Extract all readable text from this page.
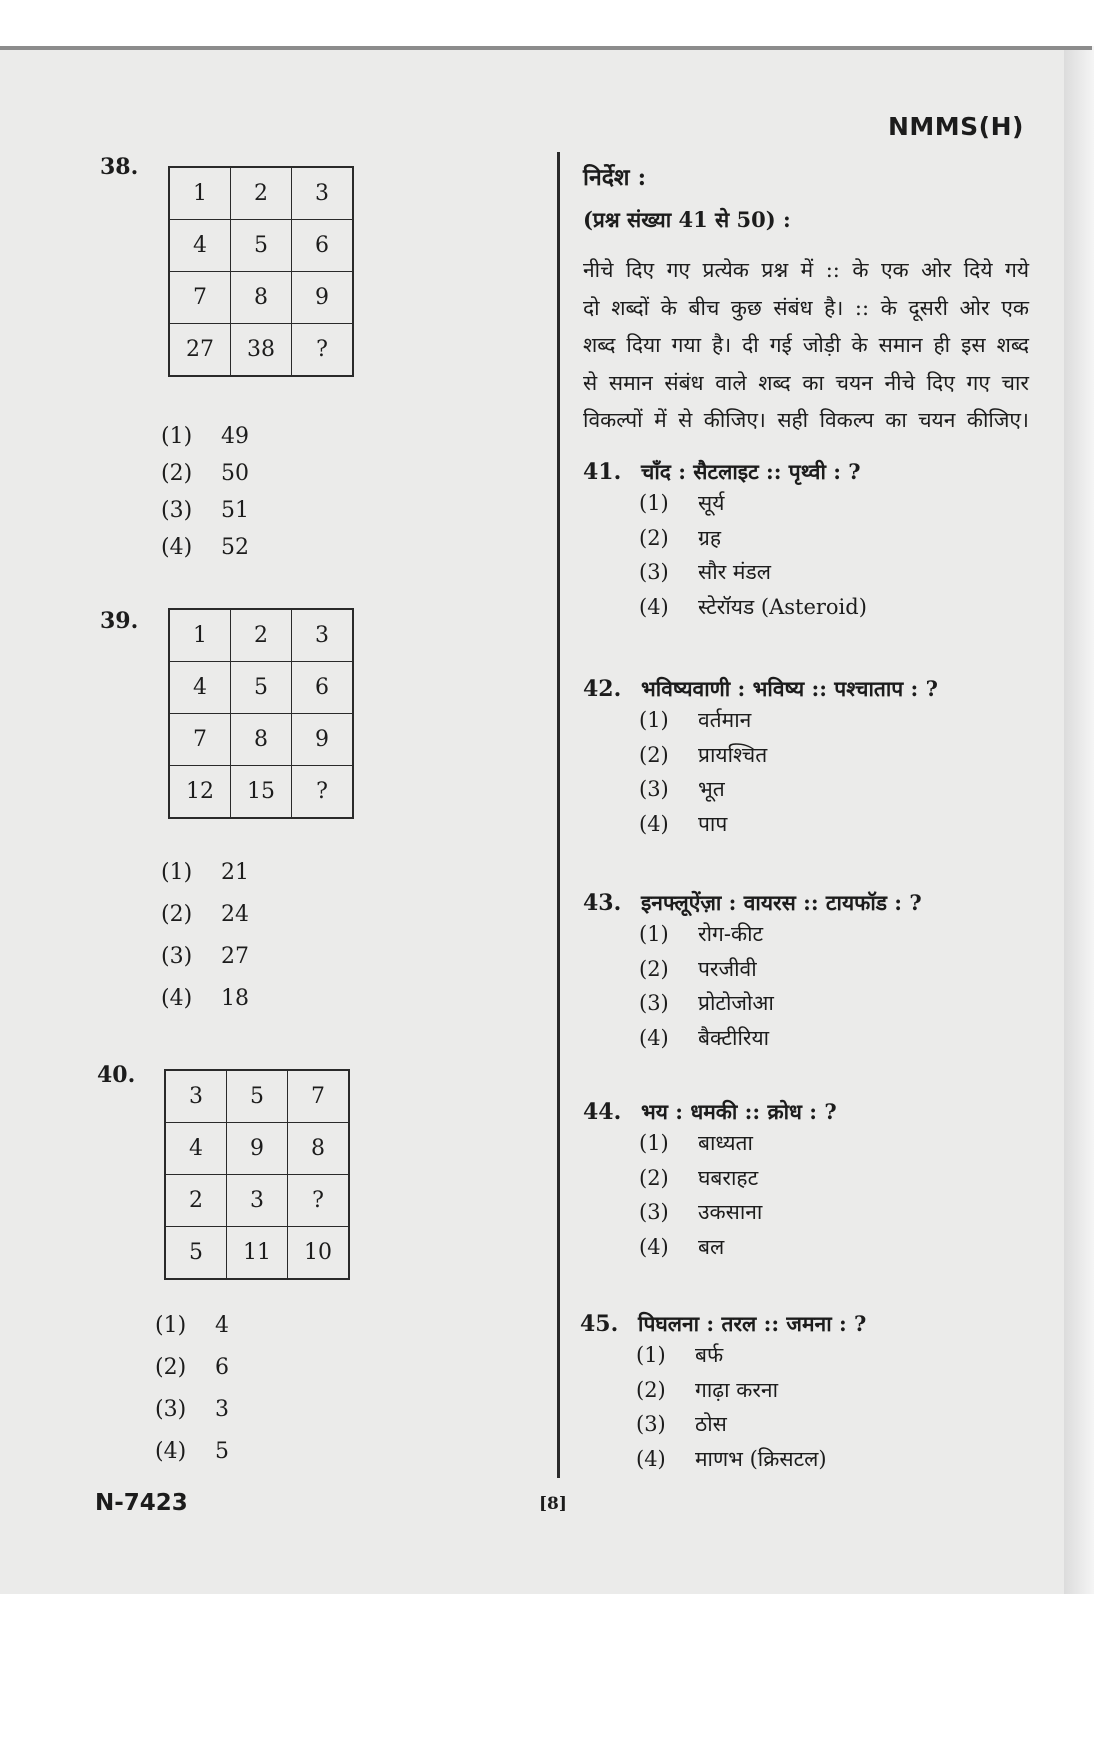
NMMS(H)
38.
1	2	3
4	5	6
7	8	9
27	38	?
(1)	49
(2)	50
(3)	51
(4)	52
39.
1	2	3
4	5	6
7	8	9
12	15	?
(1)	21
(2)	24
(3)	27
(4)	18
40.
3	5	7
4	9	8
2	3	?
5	11	10
(1)	4
(2)	6
(3)	3
(4)	5
निर्देश :
(प्रश्न संख्या 41 से 50) :
नीचे दिए गए प्रत्येक प्रश्न में :: के एक ओर दिये गये
दो शब्दों के बीच कुछ संबंध है। :: के दूसरी ओर एक
शब्द दिया गया है। दी गई जोड़ी के समान ही इस शब्द
से समान संबंध वाले शब्द का चयन नीचे दिए गए चार
विकल्पों में से कीजिए। सही विकल्प का चयन कीजिए।
41. चाँद : सैटलाइट :: पृथ्वी : ?
(1)	सूर्य
(2)	ग्रह
(3)	सौर मंडल
(4)	स्टेरॉयड (Asteroid)
42. भविष्यवाणी : भविष्य :: पश्चाताप : ?
(1)	वर्तमान
(2)	प्रायश्चित
(3)	भूत
(4)	पाप
43. इनफ्लूऐंज़ा : वायरस :: टायफॉड : ?
(1)	रोग-कीट
(2)	परजीवी
(3)	प्रोटोजोआ
(4)	बैक्टीरिया
44. भय : धमकी :: क्रोध : ?
(1)	बाध्यता
(2)	घबराहट
(3)	उकसाना
(4)	बल
45. पिघलना : तरल :: जमना : ?
(1)	बर्फ
(2)	गाढ़ा करना
(3)	ठोस
(4)	माणभ (क्रिसटल)
N-7423	[8]
